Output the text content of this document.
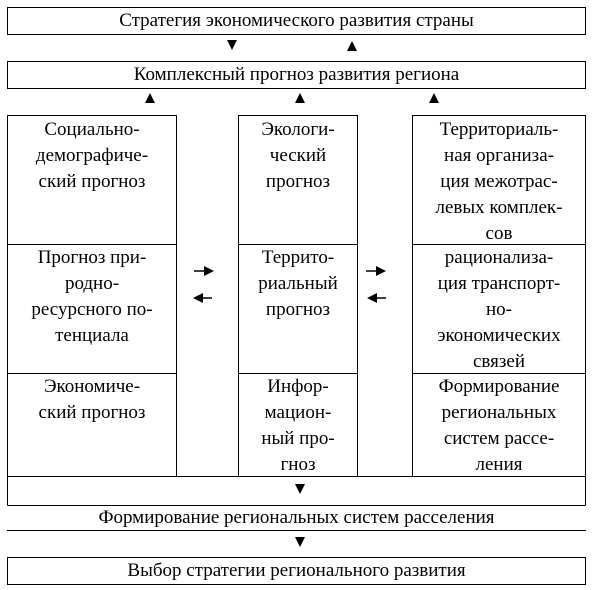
Стратегия экономического развития страны
Комплексный прогноз развития региона
Социально-
демографиче-
ский прогноз
Прогноз при-
родно-
ресурсного по-
тенциала
Экономиче-
ский прогноз
Экологи-
ческий
прогноз
Террито-
риальный
прогноз
Инфор-
мацион-
ный про-
гноз
Территориаль-
ная организа-
ция межотрас-
левых комплек-
сов
рационализа-
ция транспорт-
но-
экономических
связей
Формирование
региональных
систем рассе-
ления
Формирование региональных систем расселения
Выбор стратегии регионального развития
